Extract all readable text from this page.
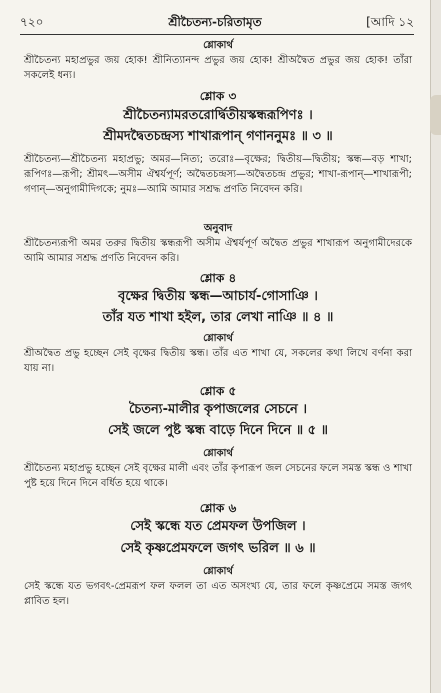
৭২০	শ্রীচৈতন্য-চরিতামৃত	[আদি ১২
শ্লোকার্থ
শ্রীচৈতন্য মহাপ্রভুর জয় হোক! শ্রীনিত্যানন্দ প্রভুর জয় হোক! শ্রীঅদ্বৈত প্রভুর জয় হোক! তাঁরা সকলেই ধন্য।
শ্লোক ৩
শ্রীচৈতন্যামরতরোর্দ্বিতীয়স্কন্ধরূপিণঃ ।
শ্রীমদদ্বৈতচন্দ্রস্য শাখারূপান্ গণাননুমঃ ॥ ৩ ॥
শ্রীচৈতন্য—শ্রীচৈতন্য মহাপ্রভু; অমর—নিত্য; তরোঃ—বৃক্ষের; দ্বিতীয়—দ্বিতীয়; স্কন্ধ—বড় শাখা; রূপিণঃ—রূপী; শ্রীমৎ—অসীম ঐশ্বর্যপূর্ণ; অদ্বৈতচন্দ্রস্য—অদ্বৈতচন্দ্র প্রভুর; শাখা-রূপান্—শাখারূপী; গণান্—অনুগামীদিগকে; নুমঃ—আমি আমার সশ্রদ্ধ প্রণতি নিবেদন করি।
অনুবাদ
শ্রীচৈতন্যরূপী অমর তরুর দ্বিতীয় স্কন্ধরূপী অসীম ঐশ্বর্যপূর্ণ অদ্বৈত প্রভুর শাখারূপ অনুগামীদেরকে আমি আমার সশ্রদ্ধ প্রণতি নিবেদন করি।
শ্লোক ৪
বৃক্ষের দ্বিতীয় স্কন্ধ—আচার্য-গোসাঞি ।
তাঁর যত শাখা হইল, তার লেখা নাঞি ॥ ৪ ॥
শ্লোকার্থ
শ্রীঅদ্বৈত প্রভু হচ্ছেন সেই বৃক্ষের দ্বিতীয় স্কন্ধ। তাঁর এত শাখা যে, সকলের কথা লিখে বর্ণনা করা যায় না।
শ্লোক ৫
চৈতন্য-মালীর কৃপাজলের সেচনে ।
সেই জলে পুষ্ট স্কন্ধ বাড়ে দিনে দিনে ॥ ৫ ॥
শ্লোকার্থ
শ্রীচৈতন্য মহাপ্রভু হচ্ছেন সেই বৃক্ষের মালী এবং তাঁর কৃপারূপ জল সেচনের ফলে সমস্ত স্কন্ধ ও শাখা পুষ্ট হয়ে দিনে দিনে বর্ধিত হয়ে থাকে।
শ্লোক ৬
সেই স্কন্ধে যত প্রেমফল উপজিল ।
সেই কৃষ্ণপ্রেমফলে জগৎ ভরিল ॥ ৬ ॥
শ্লোকার্থ
সেই স্কন্ধে যত ভগবৎ-প্রেমরূপ ফল ফলল তা এত অসংখ্য যে, তার ফলে কৃষ্ণপ্রেমে সমস্ত জগৎ প্লাবিত হল।
